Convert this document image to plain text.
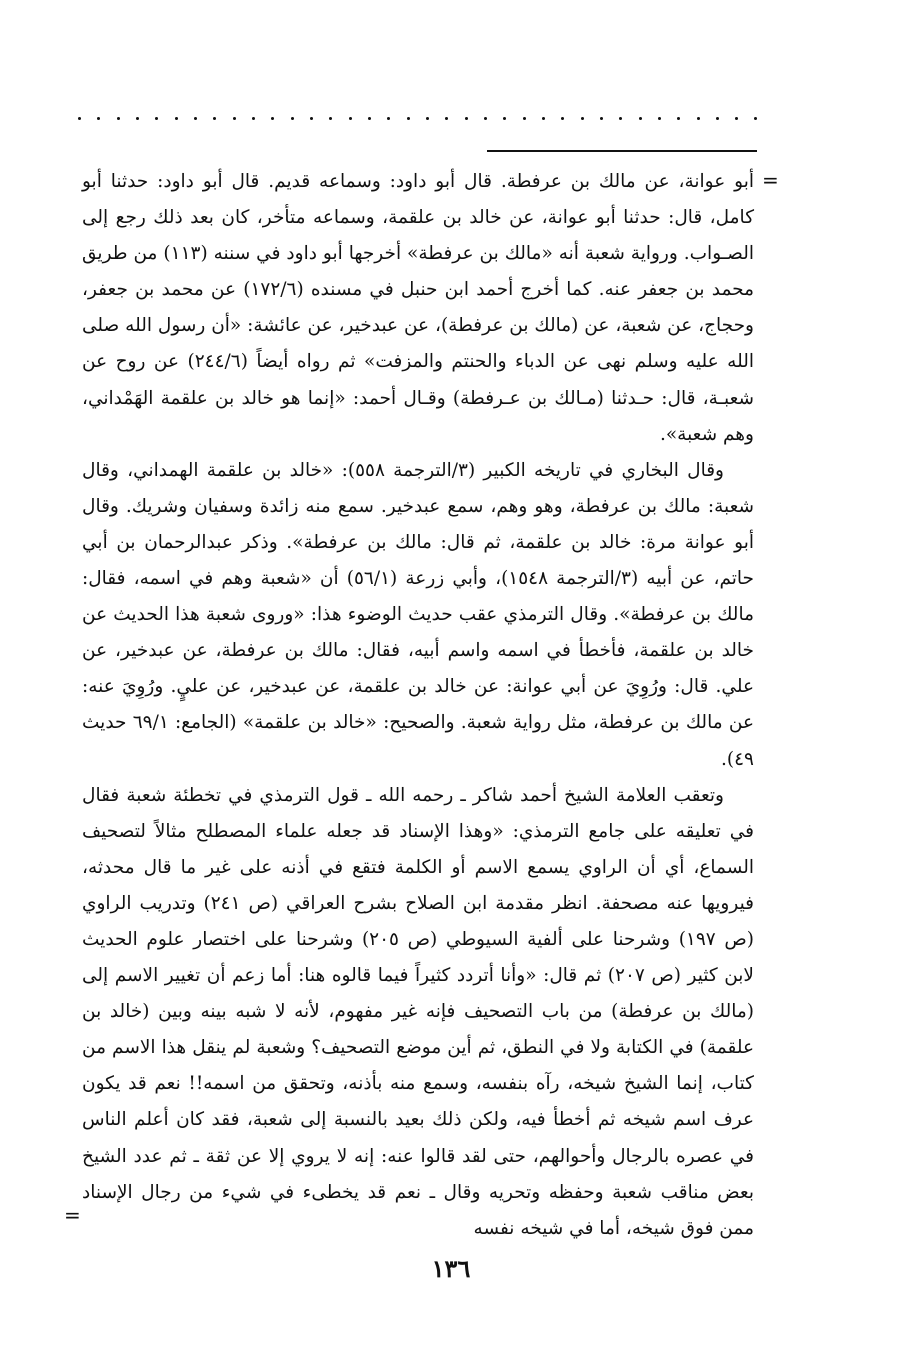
=

أبو عوانة، عن مالك بن عرفطة. قال أبو داود: وسماعه قديم. قال أبو داود: حدثنا أبو كامل، قال: حدثنا أبو عوانة، عن خالد بن علقمة، وسماعه متأخر، كان بعد ذلك رجع إلى الصـواب. ورواية شعبة أنه «مالك بن عرفطة» أخرجها أبو داود في سننه (١١٣) من طريق محمد بن جعفر عنه. كما أخرج أحمد ابن حنبل في مسنده (١٧٢/٦) عن محمد بن جعفر، وحجاج، عن شعبة، عن (مالك بن عرفطة)، عن عبدخير، عن عائشة: «أن رسول الله صلى الله عليه وسلم نهى عن الدباء والحنتم والمزفت» ثم رواه أيضاً (٢٤٤/٦) عن روح عن شعبـة، قال: حـدثنا (مـالك بن عـرفطة) وقـال أحمد: «إنما هو خالد بن علقمة الهَمْداني، وهم شعبة».

وقال البخاري في تاريخه الكبير (٣/الترجمة ٥٥٨): «خالد بن علقمة الهمداني، وقال شعبة: مالك بن عرفطة، وهو وهم، سمع عبدخير. سمع منه زائدة وسفيان وشريك. وقال أبو عوانة مرة: خالد بن علقمة، ثم قال: مالك بن عرفطة». وذكر عبدالرحمان بن أبي حاتم، عن أبيه (٣/الترجمة ١٥٤٨)، وأبي زرعة (٥٦/١) أن «شعبة وهم في اسمه، فقال: مالك بن عرفطة». وقال الترمذي عقب حديث الوضوء هذا: «وروى شعبة هذا الحديث عن خالد بن علقمة، فأخطأ في اسمه واسم أبيه، فقال: مالك بن عرفطة، عن عبدخير، عن علي. قال: ورُوِيَ عن أبي عوانة: عن خالد بن علقمة، عن عبدخير، عن عليٍ. ورُوِيَ عنه: عن مالك بن عرفطة، مثل رواية شعبة. والصحيح: «خالد بن علقمة» (الجامع: ٦٩/١ حديث ٤٩).

وتعقب العلامة الشيخ أحمد شاكر ـ رحمه الله ـ قول الترمذي في تخطئة شعبة فقال في تعليقه على جامع الترمذي: «وهذا الإسناد قد جعله علماء المصطلح مثالاً لتصحيف السماع، أي أن الراوي يسمع الاسم أو الكلمة فتقع في أذنه على غير ما قال محدثه، فيرويها عنه مصحفة. انظر مقدمة ابن الصلاح بشرح العراقي (ص ٢٤١) وتدريب الراوي (ص ١٩٧) وشرحنا على ألفية السيوطي (ص ٢٠٥) وشرحنا على اختصار علوم الحديث لابن كثير (ص ٢٠٧) ثم قال: «وأنا أتردد كثيراً فيما قالوه هنا: أما زعم أن تغيير الاسم إلى (مالك بن عرفطة) من باب التصحيف فإنه غير مفهوم، لأنه لا شبه بينه وبين (خالد بن علقمة) في الكتابة ولا في النطق، ثم أين موضع التصحيف؟ وشعبة لم ينقل هذا الاسم من كتاب، إنما الشيخ شيخه، رآه بنفسه، وسمع منه بأذنه، وتحقق من اسمه!! نعم قد يكون عرف اسم شيخه ثم أخطأ فيه، ولكن ذلك بعيد بالنسبة إلى شعبة، فقد كان أعلم الناس في عصره بالرجال وأحوالهم، حتى لقد قالوا عنه: إنه لا يروي إلا عن ثقة ـ ثم عدد الشيخ بعض مناقب شعبة وحفظه وتحريه وقال ـ نعم قد يخطىء في شيء من رجال الإسناد ممن فوق شيخه، أما في شيخه نفسه

=
١٣٦
